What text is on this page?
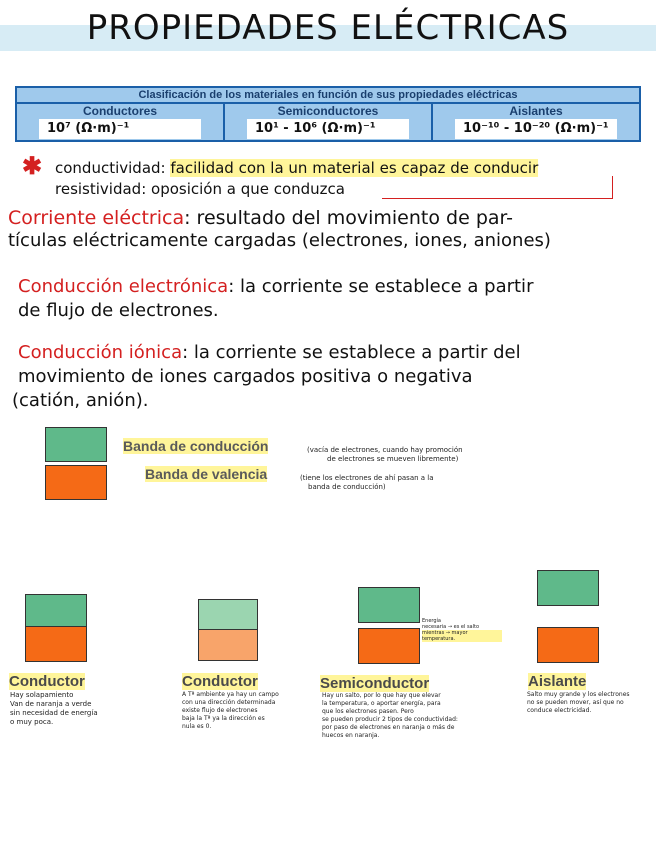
PROPIEDADES ELÉCTRICAS
Clasificación de los materiales en función de sus propiedades eléctricas
Conductores
10⁷ (Ω·m)⁻¹
Semiconductores
10¹ - 10⁶ (Ω·m)⁻¹
Aislantes
10⁻¹⁰ - 10⁻²⁰ (Ω·m)⁻¹
✱ conductividad: facilidad con la un material es capaz de conducir
resistividad: oposición a que conduzca
Corriente eléctrica: resultado del movimiento de par-
tículas eléctricamente cargadas (electrones, iones, aniones)
Conducción electrónica: la corriente se establece a partir
de flujo de electrones.
Conducción iónica: la corriente se establece a partir del
movimiento de iones cargados positiva o negativa
(catión, anión).
Banda de conducción
Banda de valencia
(vacía de electrones, cuando hay promoción
de electrones se mueven libremente)
(tiene los electrones de ahí pasan a la
banda de conducción)
Energía
necesaria → es el salto
mientras → mayor temperatura.
Conductor
Hay solapamiento
Van de naranja a verde
sin necesidad de energía
o muy poca.
Conductor
A Tª ambiente ya hay un campo
con una dirección determinada
existe flujo de electrones
baja la Tª ya la dirección es
nula es 0.
Semiconductor
Hay un salto, por lo que hay que elevar
la temperatura, o aportar energía, para
que los electrones pasen. Pero
se pueden producir 2 tipos de conductividad:
por paso de electrones en naranja o más de
huecos en naranja.
Aislante
Salto muy grande y los electrones
no se pueden mover, así que no
conduce electricidad.
